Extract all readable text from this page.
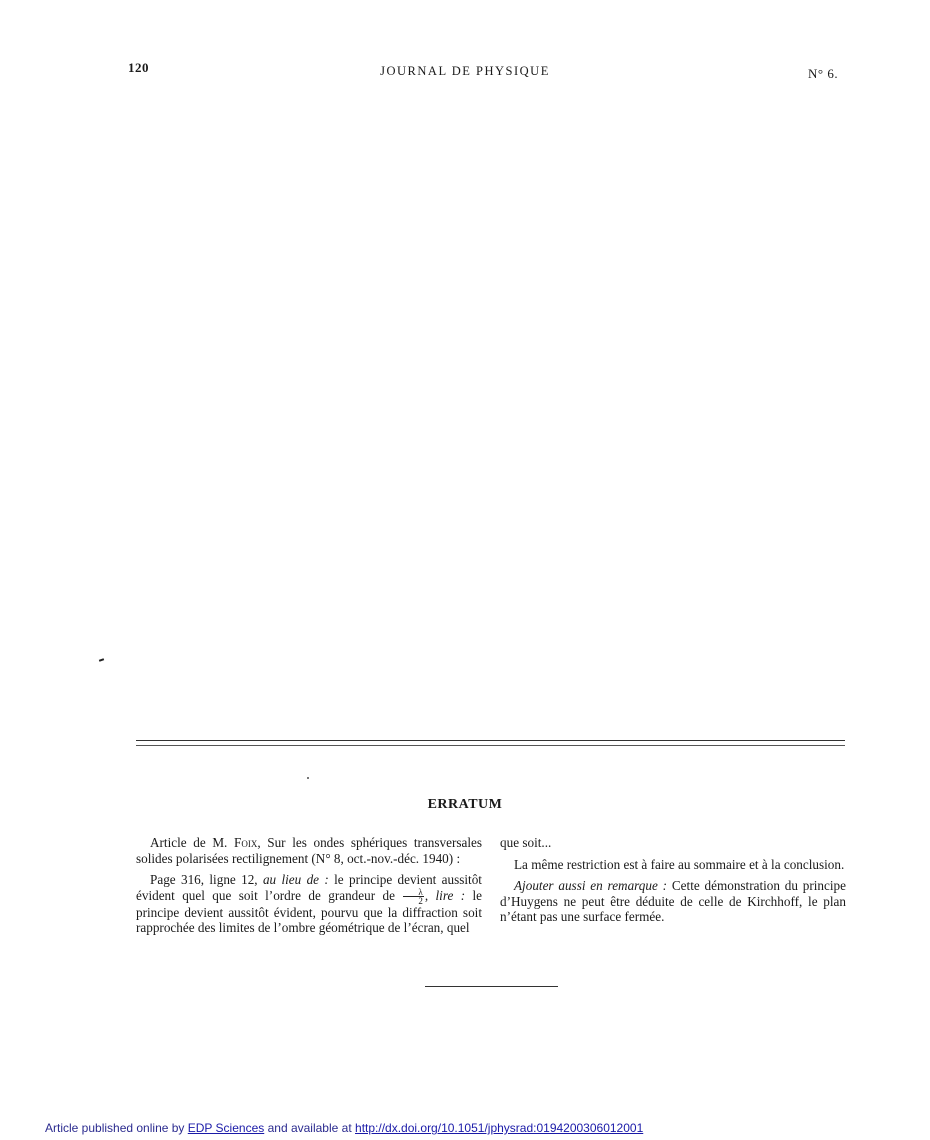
120	JOURNAL DE PHYSIQUE	N° 6.
ERRATUM

Article de M. Foix, Sur les ondes sphériques transversales solides polarisées rectilignement (N° 8, oct.-nov.-déc. 1940) :

Page 316, ligne 12, au lieu de : le principe devient aussitôt évident quel que soit l’ordre de grandeur de $\frac{\lambda}{2}$ , lire : le principe devient aussitôt évident, pourvu que la diffraction soit rapprochée des limites de l’ombre géométrique de l’écran, quel

que soit...

La même restriction est à faire au sommaire et à la conclusion.

Ajouter aussi en remarque : Cette démonstration du principe d’Huygens ne peut être déduite de celle de Kirchhoff, le plan n’étant pas une surface fermée.

Article published online by EDP Sciences and available at http://dx.doi.org/10.1051/jphysrad:0194200306012001
